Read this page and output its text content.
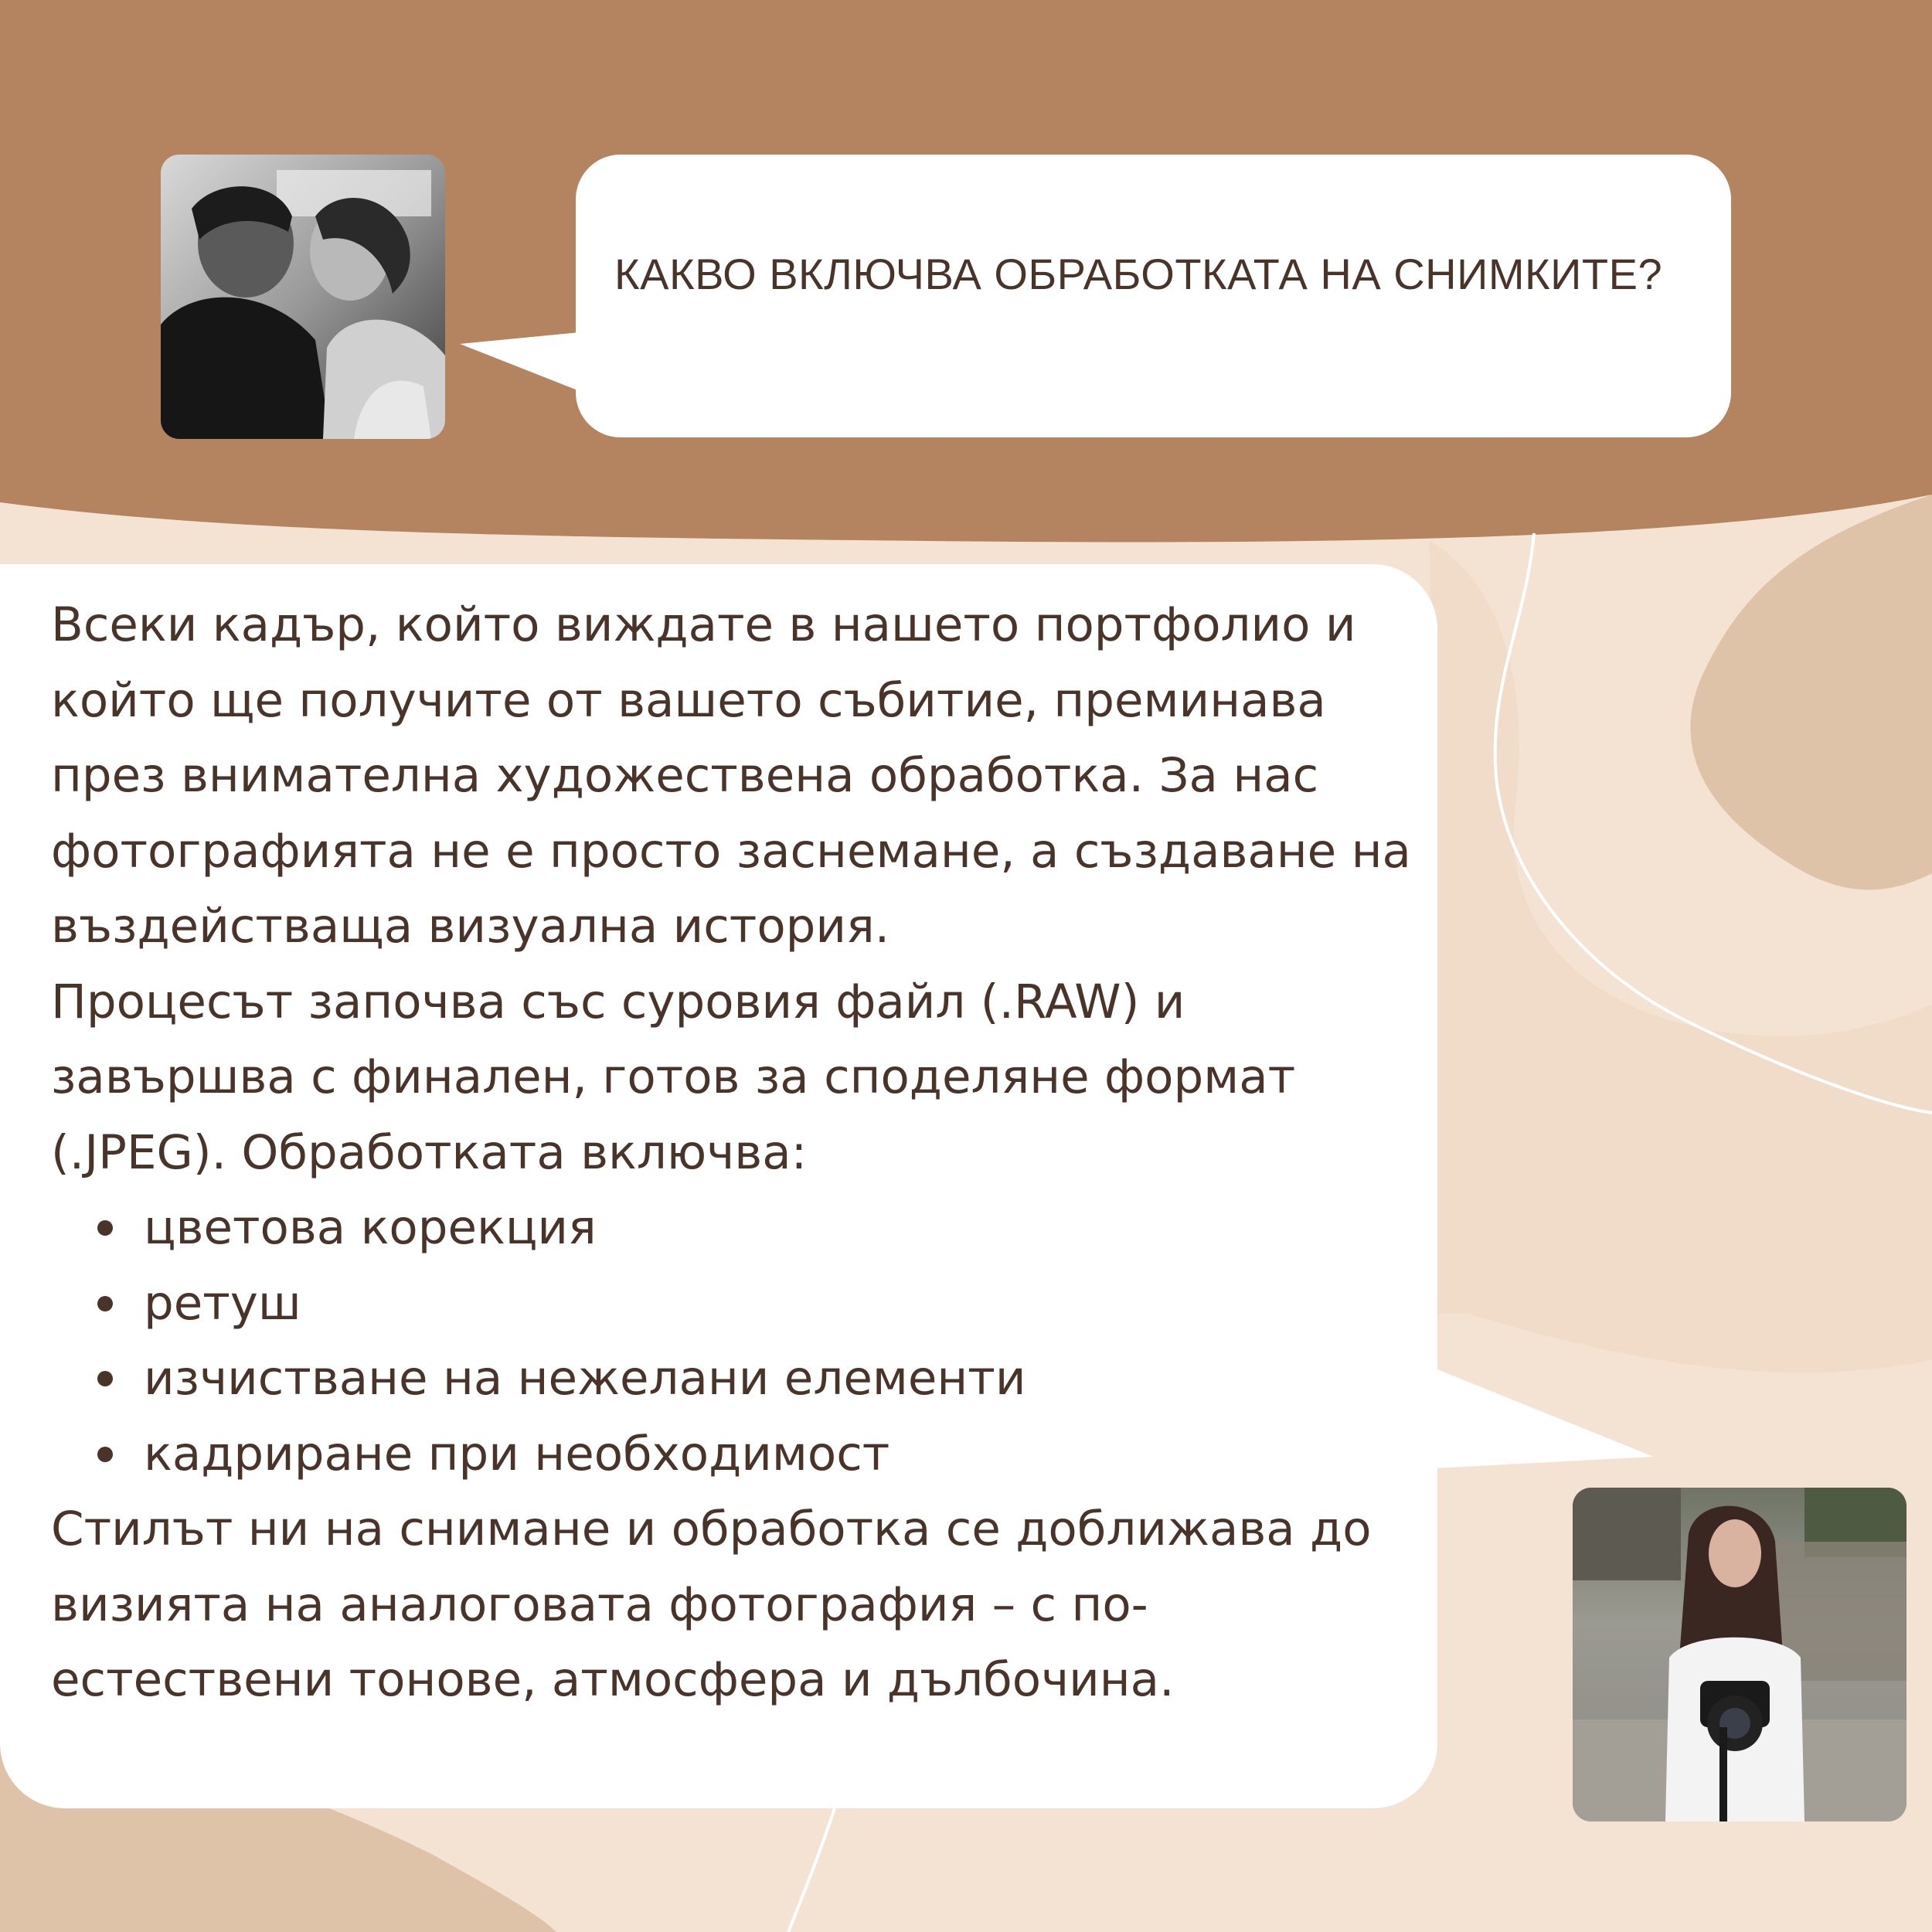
КАКВО ВКЛЮЧВА ОБРАБОТКАТА НА СНИМКИТЕ?

Всеки кадър, който виждате в нашето портфолио и който ще получите от вашето събитие, преминава през внимателна художествена обработка. За нас фотографията не е просто заснемане, а създаване на въздействаща визуална история.

Процесът започва със суровия файл (.RAW) и завършва с финален, готов за споделяне формат (.JPEG). Обработката включва:

цветова корекция
ретуш
изчистване на нежелани елементи
кадриране при необходимост

Стилът ни на снимане и обработка се доближава до визията на аналоговата фотография – с по-естествени тонове, атмосфера и дълбочина.
